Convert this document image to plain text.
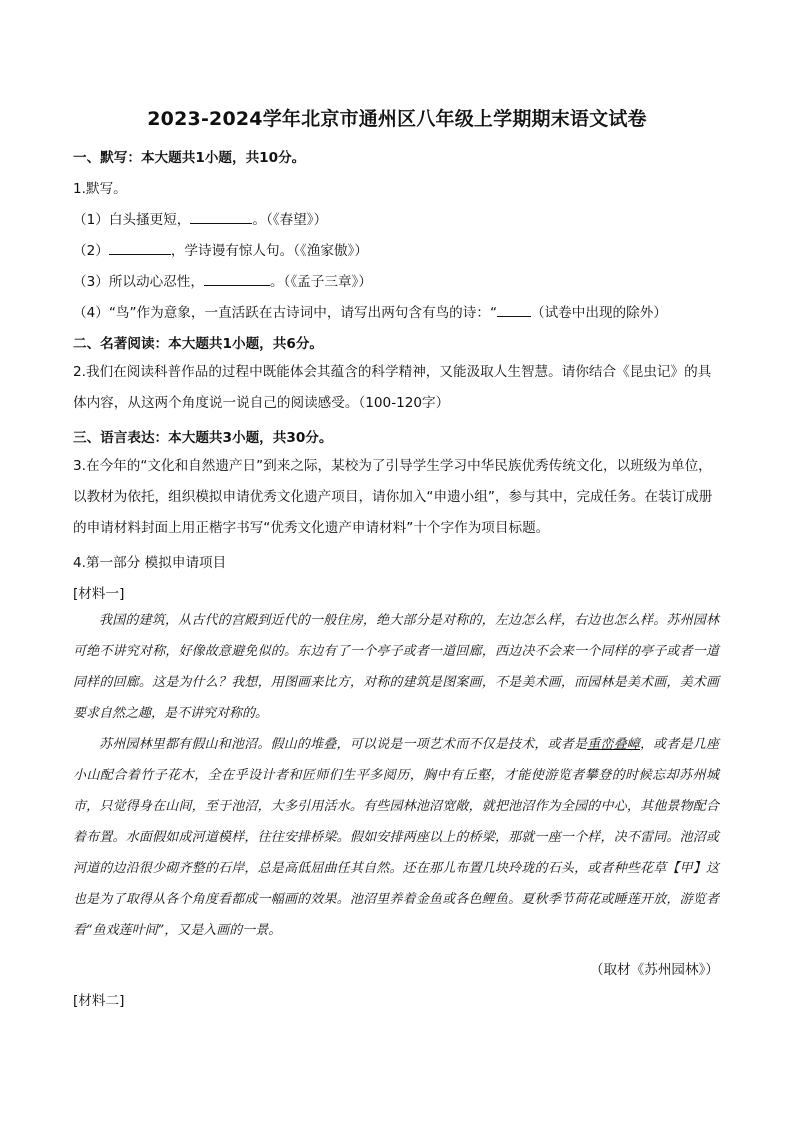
2023-2024学年北京市通州区八年级上学期期末语文试卷
一、默写：本大题共1小题，共10分。
1.默写。
（1）白头搔更短，	。（《春望》）
（2）	，学诗谩有惊人句。（《渔家傲》）
（3）所以动心忍性，	。（《孟子三章》）
（4）“鸟”作为意象，一直活跃在古诗词中，请写出两句含有鸟的诗：“	（试卷中出现的除外）
二、名著阅读：本大题共1小题，共6分。
2.我们在阅读科普作品的过程中既能体会其蕴含的科学精神，又能汲取人生智慧。请你结合《昆虫记》的具体内容，从这两个角度说一说自己的阅读感受。（100-120字）
三、语言表达：本大题共3小题，共30分。
3.在今年的“文化和自然遗产日”到来之际，某校为了引导学生学习中华民族优秀传统文化，以班级为单位，以教材为依托，组织模拟申请优秀文化遗产项目，请你加入“申遗小组”，参与其中，完成任务。在装订成册的申请材料封面上用正楷字书写“优秀文化遗产申请材料”十个字作为项目标题。
4.第一部分 模拟申请项目
[材料一]

我国的建筑，从古代的宫殿到近代的一般住房，绝大部分是对称的，左边怎么样，右边也怎么样。苏州园林可绝不讲究对称，好像故意避免似的。东边有了一个亭子或者一道回廊，西边决不会来一个同样的亭子或者一道同样的回廊。这是为什么？我想，用图画来比方，对称的建筑是图案画，不是美术画，而园林是美术画，美术画要求自然之趣，是不讲究对称的。

苏州园林里都有假山和池沼。假山的堆叠，可以说是一项艺术而不仅是技术，或者是重峦叠嶂，或者是几座小山配合着竹子花木，全在乎设计者和匠师们生平多阅历，胸中有丘壑，才能使游览者攀登的时候忘却苏州城市，只觉得身在山间，至于池沼，大多引用活水。有些园林池沼宽敞，就把池沼作为全园的中心，其他景物配合着布置。水面假如成河道模样，往往安排桥梁。假如安排两座以上的桥梁，那就一座一个样，决不雷同。池沼或河道的边沿很少砌齐整的石岸，总是高低屈曲任其自然。还在那儿布置几块玲珑的石头，或者种些花草【甲】这也是为了取得从各个角度看都成一幅画的效果。池沼里养着金鱼或各色鲤鱼。夏秋季节荷花或睡莲开放，游览者看“鱼戏莲叶间”，又是入画的一景。

（取材《苏州园林》）
[材料二]
